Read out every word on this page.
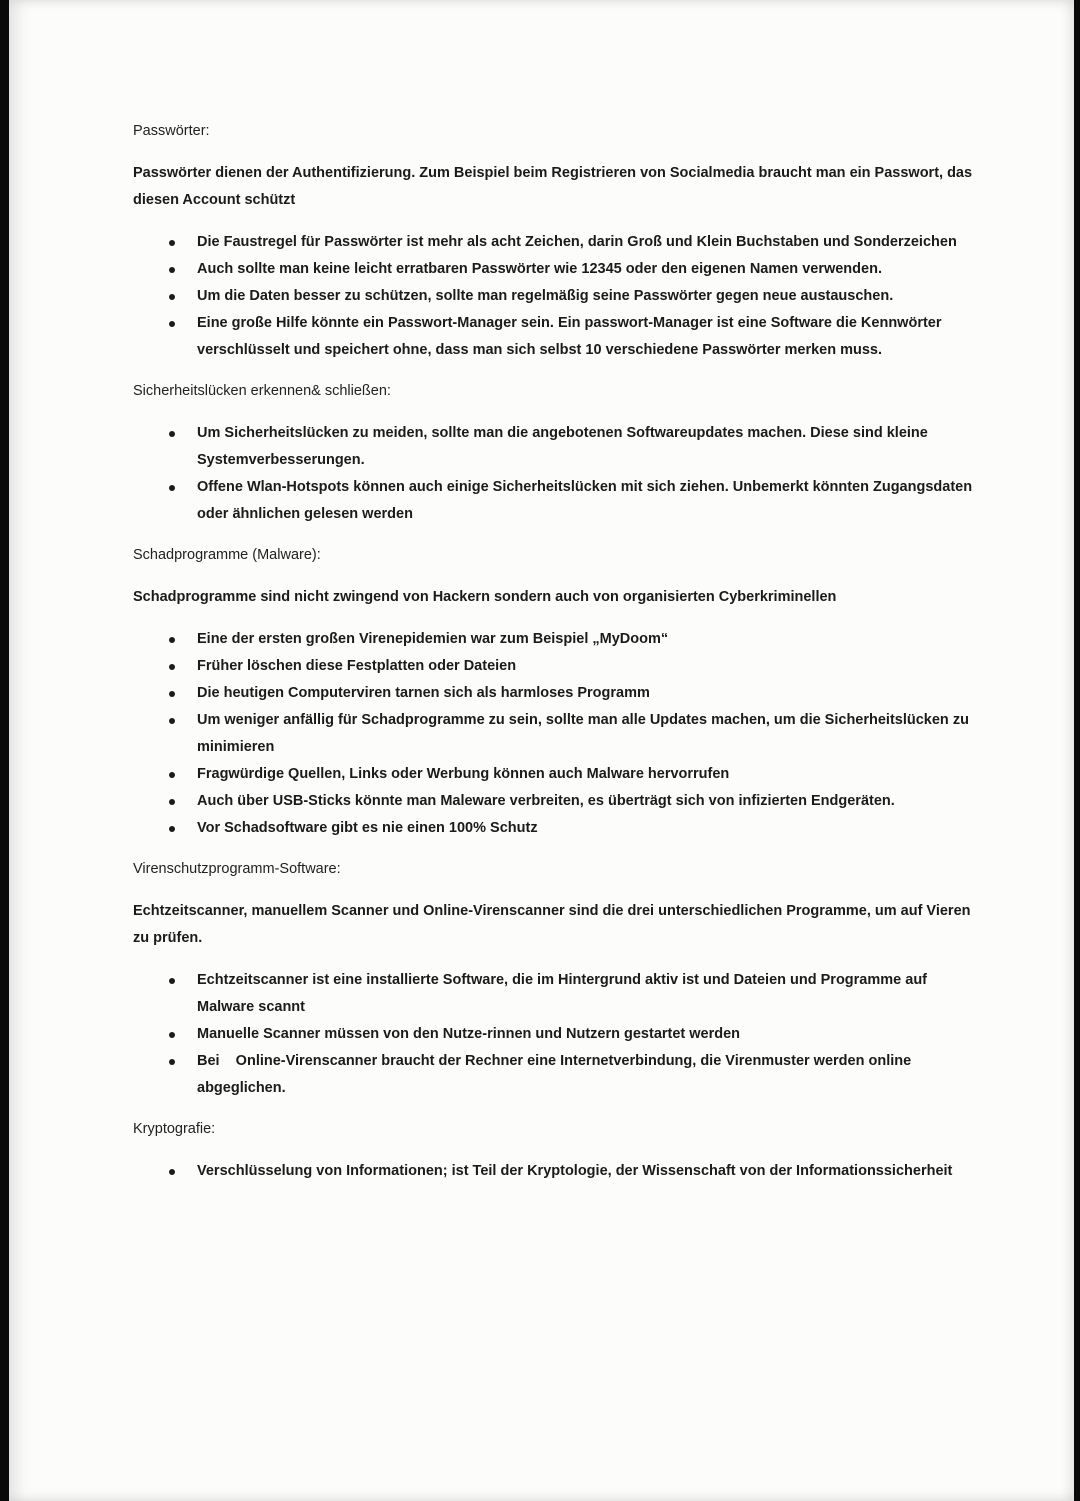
Passwörter:
Passwörter dienen der Authentifizierung. Zum Beispiel beim Registrieren von Socialmedia braucht man ein Passwort, das diesen Account schützt
Die Faustregel für Passwörter ist mehr als acht Zeichen, darin Groß und Klein Buchstaben und Sonderzeichen
Auch sollte man keine leicht erratbaren Passwörter wie 12345 oder den eigenen Namen verwenden.
Um die Daten besser zu schützen, sollte man regelmäßig seine Passwörter gegen neue austauschen.
Eine große Hilfe könnte ein Passwort-Manager sein. Ein passwort-Manager ist eine Software die Kennwörter verschlüsselt und speichert ohne, dass man sich selbst 10 verschiedene Passwörter merken muss.
Sicherheitslücken erkennen& schließen:
Um Sicherheitslücken zu meiden, sollte man die angebotenen Softwareupdates machen. Diese sind kleine Systemverbesserungen.
Offene Wlan-Hotspots können auch einige Sicherheitslücken mit sich ziehen. Unbemerkt könnten Zugangsdaten oder ähnlichen gelesen werden
Schadprogramme (Malware):
Schadprogramme sind nicht zwingend von Hackern sondern auch von organisierten Cyberkriminellen
Eine der ersten großen Virenepidemien war zum Beispiel „MyDoom“
Früher löschen diese Festplatten oder Dateien
Die heutigen Computerviren tarnen sich als harmloses Programm
Um weniger anfällig für Schadprogramme zu sein, sollte man alle Updates machen, um die Sicherheitslücken zu minimieren
Fragwürdige Quellen, Links oder Werbung können auch Malware hervorrufen
Auch über USB-Sticks könnte man Maleware verbreiten, es überträgt sich von infizierten Endgeräten.
Vor Schadsoftware gibt es nie einen 100% Schutz
Virenschutzprogramm-Software:
Echtzeitscanner, manuellem Scanner und Online-Virenscanner sind die drei unterschiedlichen Programme, um auf Vieren zu prüfen.
Echtzeitscanner ist eine installierte Software, die im Hintergrund aktiv ist und Dateien und Programme auf Malware scannt
Manuelle Scanner müssen von den Nutze-rinnen und Nutzern gestartet werden
Bei    Online-Virenscanner braucht der Rechner eine Internetverbindung, die Virenmuster werden online abgeglichen.
Kryptografie:
Verschlüsselung von Informationen; ist Teil der Kryptologie, der Wissenschaft von der Informationssicherheit
